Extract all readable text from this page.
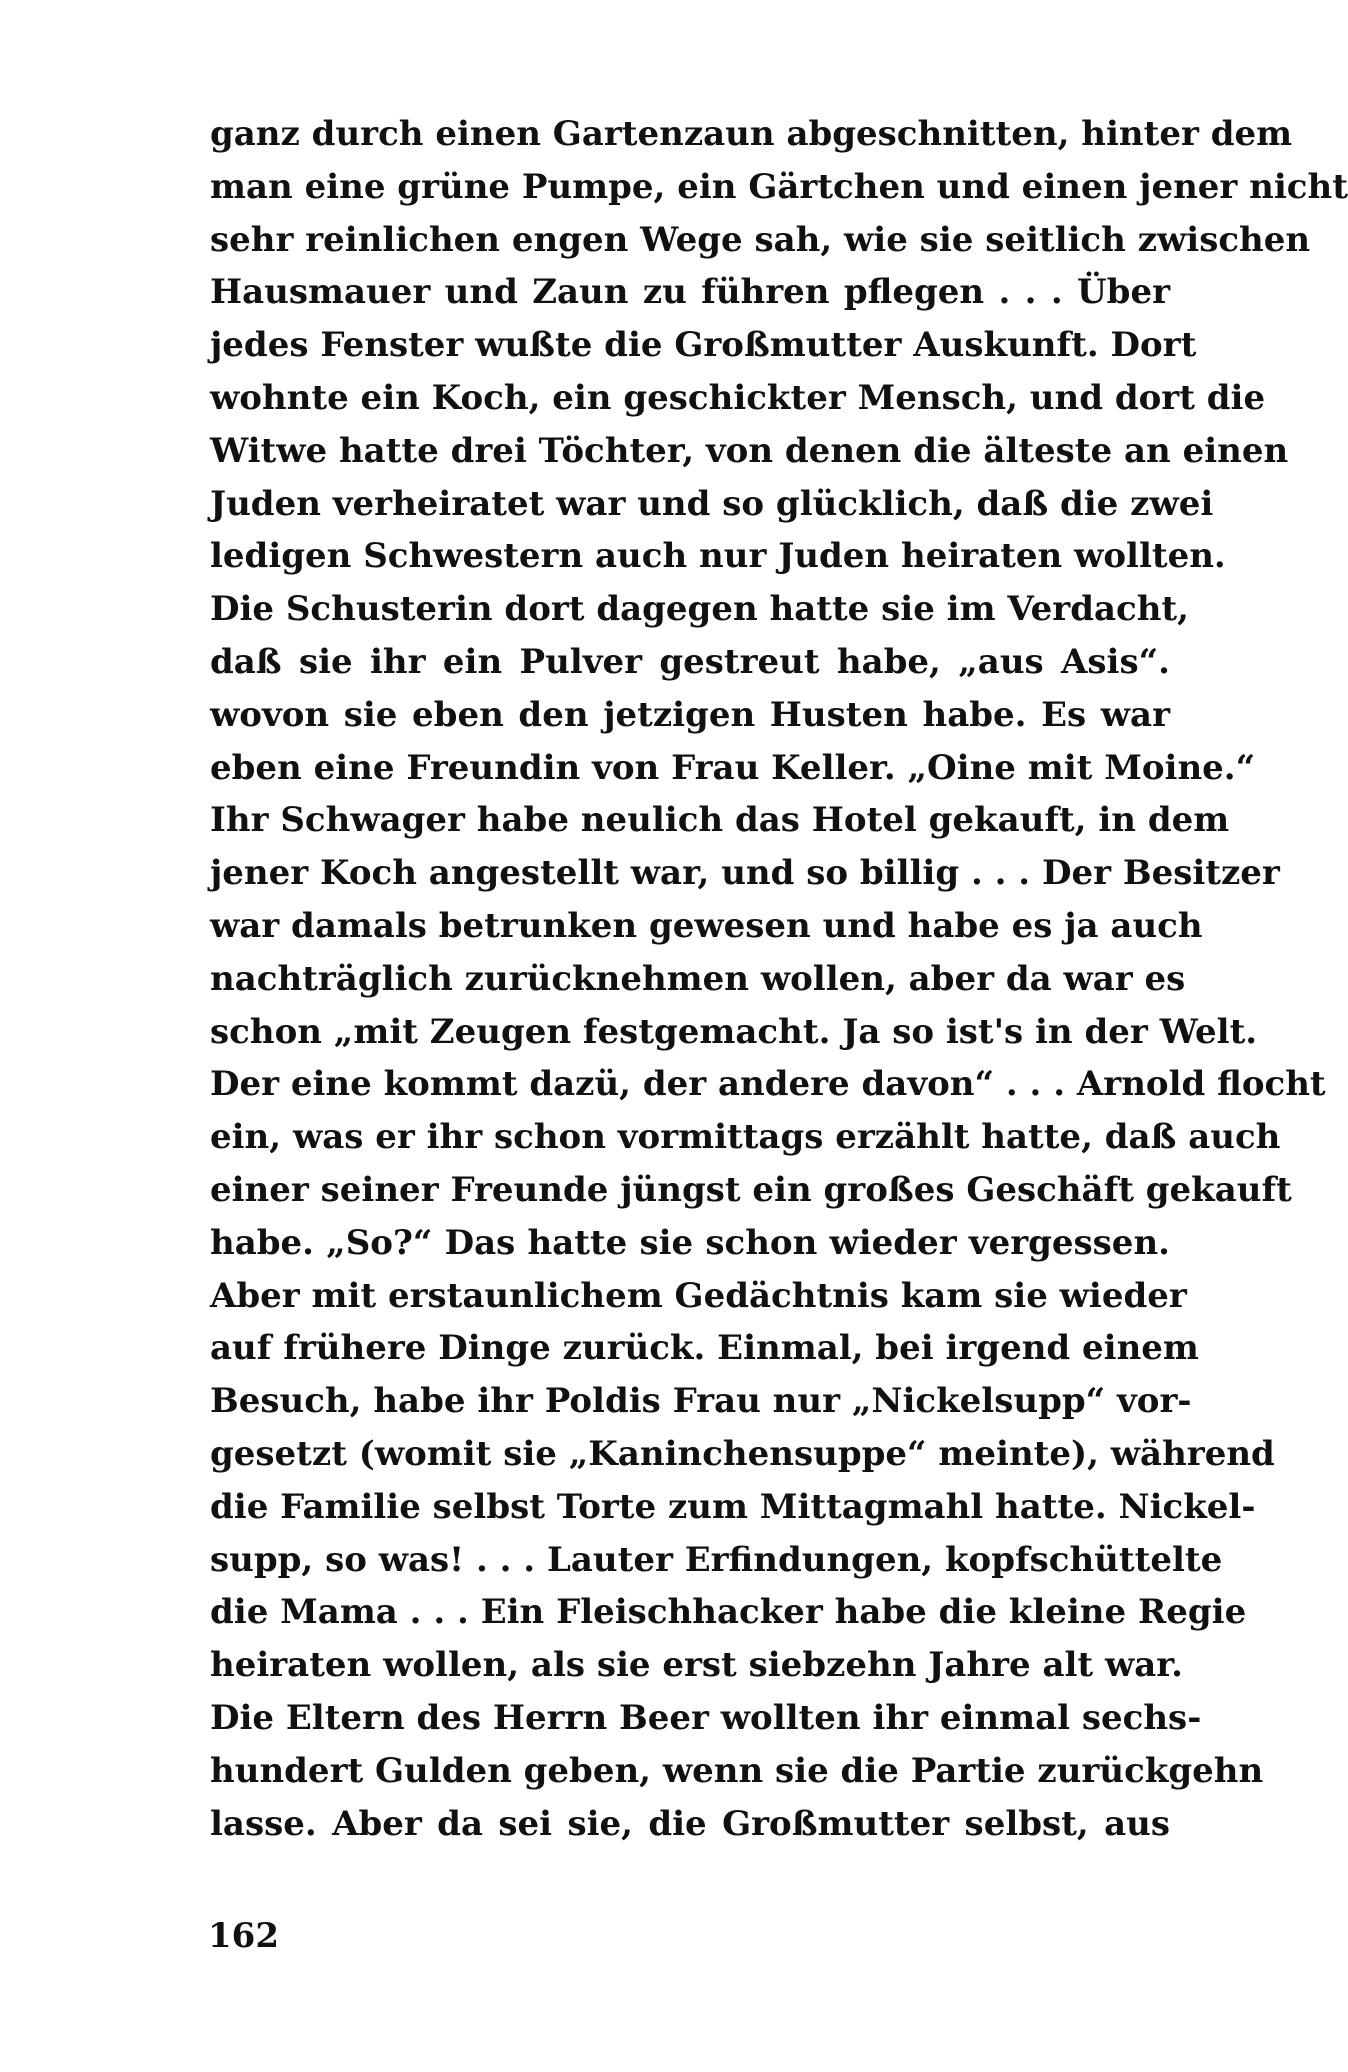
ganz durch einen Gartenzaun abgeschnitten, hinter dem
man eine grüne Pumpe, ein Gärtchen und einen jener nicht
sehr reinlichen engen Wege sah, wie sie seitlich zwischen
Hausmauer und Zaun zu führen pflegen . . . Über
jedes Fenster wußte die Großmutter Auskunft. Dort
wohnte ein Koch, ein geschickter Mensch, und dort die
Witwe hatte drei Töchter, von denen die älteste an einen
Juden verheiratet war und so glücklich, daß die zwei
ledigen Schwestern auch nur Juden heiraten wollten.
Die Schusterin dort dagegen hatte sie im Verdacht,
daß sie ihr ein Pulver gestreut habe, „aus Asis“.
wovon sie eben den jetzigen Husten habe. Es war
eben eine Freundin von Frau Keller. „Oine mit Moine.“
Ihr Schwager habe neulich das Hotel gekauft, in dem
jener Koch angestellt war, und so billig . . . Der Besitzer
war damals betrunken gewesen und habe es ja auch
nachträglich zurücknehmen wollen, aber da war es
schon „mit Zeugen festgemacht. Ja so ist's in der Welt.
Der eine kommt dazü, der andere davon“ . . . Arnold flocht
ein, was er ihr schon vormittags erzählt hatte, daß auch
einer seiner Freunde jüngst ein großes Geschäft gekauft
habe. „So?“ Das hatte sie schon wieder vergessen.
Aber mit erstaunlichem Gedächtnis kam sie wieder
auf frühere Dinge zurück. Einmal, bei irgend einem
Besuch, habe ihr Poldis Frau nur „Nickelsupp“ vor-
gesetzt (womit sie „Kaninchensuppe“ meinte), während
die Familie selbst Torte zum Mittagmahl hatte. Nickel-
supp, so was! . . . Lauter Erfindungen, kopfschüttelte
die Mama . . . Ein Fleischhacker habe die kleine Regie
heiraten wollen, als sie erst siebzehn Jahre alt war.
Die Eltern des Herrn Beer wollten ihr einmal sechs-
hundert Gulden geben, wenn sie die Partie zurückgehn
lasse. Aber da sei sie, die Großmutter selbst, aus
162
